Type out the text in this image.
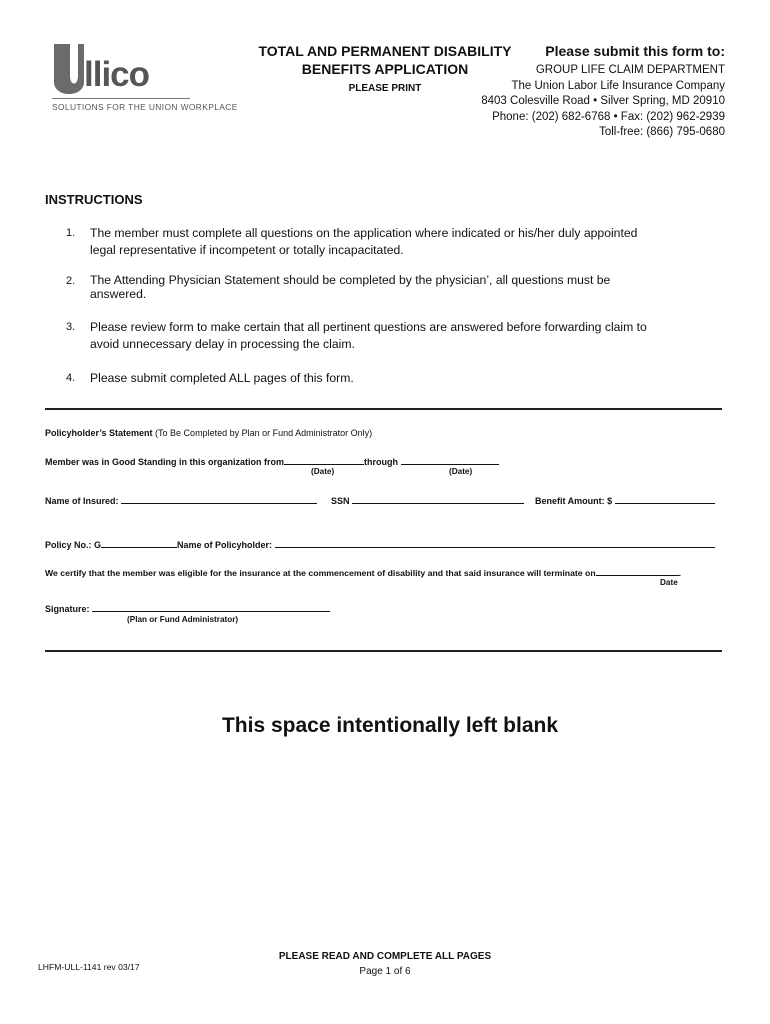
llico
SOLUTIONS FOR THE UNION WORKPLACE
TOTAL AND PERMANENT DISABILITY
BENEFITS APPLICATION
PLEASE PRINT
Please submit this form to:
GROUP LIFE CLAIM DEPARTMENT
The Union Labor Life Insurance Company
8403 Colesville Road • Silver Spring, MD 20910
Phone: (202) 682-6768 • Fax: (202) 962-2939
Toll-free: (866) 795-0680
INSTRUCTIONS
1.	The member must complete all questions on the application where indicated or his/her duly appointed
legal representative if incompetent or totally incapacitated.
2.	The Attending Physician Statement should be completed by the physician’, all questions must be
answered.
3.	Please review form to make certain that all pertinent questions are answered before forwarding claim to
avoid unnecessary delay in processing the claim.
4.	Please submit completed ALL pages of this form.
Policyholder’s Statement (To Be Completed by Plan or Fund Administrator Only)
Member was in Good Standing in this organization from	through
(Date)	(Date)
Name of Insured:	SSN	Benefit Amount: $
Policy No.: G	Name of Policyholder:
We certify that the member was eligible for the insurance at the commencement of disability and that said insurance will terminate on	.
Date
Signature:
(Plan or Fund Administrator)
This space intentionally left blank
LHFM-ULL-1141 rev 03/17
PLEASE READ AND COMPLETE ALL PAGES
Page 1 of 6
